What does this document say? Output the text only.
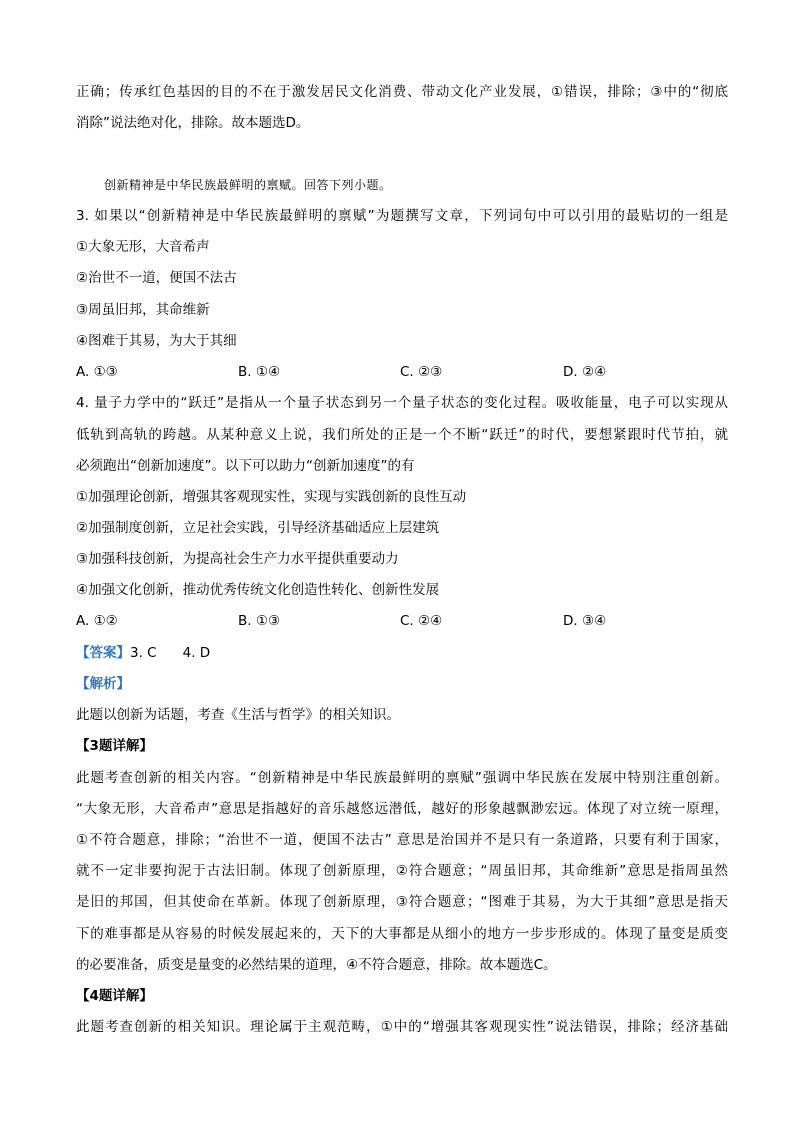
正确；传承红色基因的目的不在于激发居民文化消费、带动文化产业发展，①错误，排除；③中的“彻底
消除”说法绝对化，排除。故本题选D。
创新精神是中华民族最鲜明的禀赋。回答下列小题。
3. 如果以“创新精神是中华民族最鲜明的禀赋”为题撰写文章，下列词句中可以引用的最贴切的一组是
①大象无形，大音希声
②治世不一道，便国不法古
③周虽旧邦，其命维新
④图难于其易，为大于其细
A. ①③	B. ①④	C. ②③	D. ②④
4. 量子力学中的“跃迁”是指从一个量子状态到另一个量子状态的变化过程。吸收能量，电子可以实现从
低轨到高轨的跨越。从某种意义上说，我们所处的正是一个不断“跃迁”的时代，要想紧跟时代节拍，就
必须跑出“创新加速度”。以下可以助力“创新加速度”的有
①加强理论创新，增强其客观现实性，实现与实践创新的良性互动
②加强制度创新，立足社会实践，引导经济基础适应上层建筑
③加强科技创新，为提高社会生产力水平提供重要动力
④加强文化创新，推动优秀传统文化创造性转化、创新性发展
A. ①②	B. ①③	C. ②④	D. ③④
【答案】3. C 4. D
【解析】
此题以创新为话题，考查《生活与哲学》的相关知识。
【3题详解】
此题考查创新的相关内容。“创新精神是中华民族最鲜明的禀赋”强调中华民族在发展中特别注重创新。
“大象无形，大音希声”意思是指越好的音乐越悠远潜低，越好的形象越飘渺宏远。体现了对立统一原理，
①不符合题意，排除；“治世不一道，便国不法古” 意思是治国并不是只有一条道路，只要有利于国家，
就不一定非要拘泥于古法旧制。体现了创新原理，②符合题意；“周虽旧邦，其命维新”意思是指周虽然
是旧的邦国，但其使命在革新。体现了创新原理，③符合题意；“图难于其易，为大于其细”意思是指天
下的难事都是从容易的时候发展起来的，天下的大事都是从细小的地方一步步形成的。体现了量变是质变
的必要准备，质变是量变的必然结果的道理，④不符合题意，排除。故本题选C。
【4题详解】
此题考查创新的相关知识。理论属于主观范畴，①中的“增强其客观现实性”说法错误，排除；经济基础
